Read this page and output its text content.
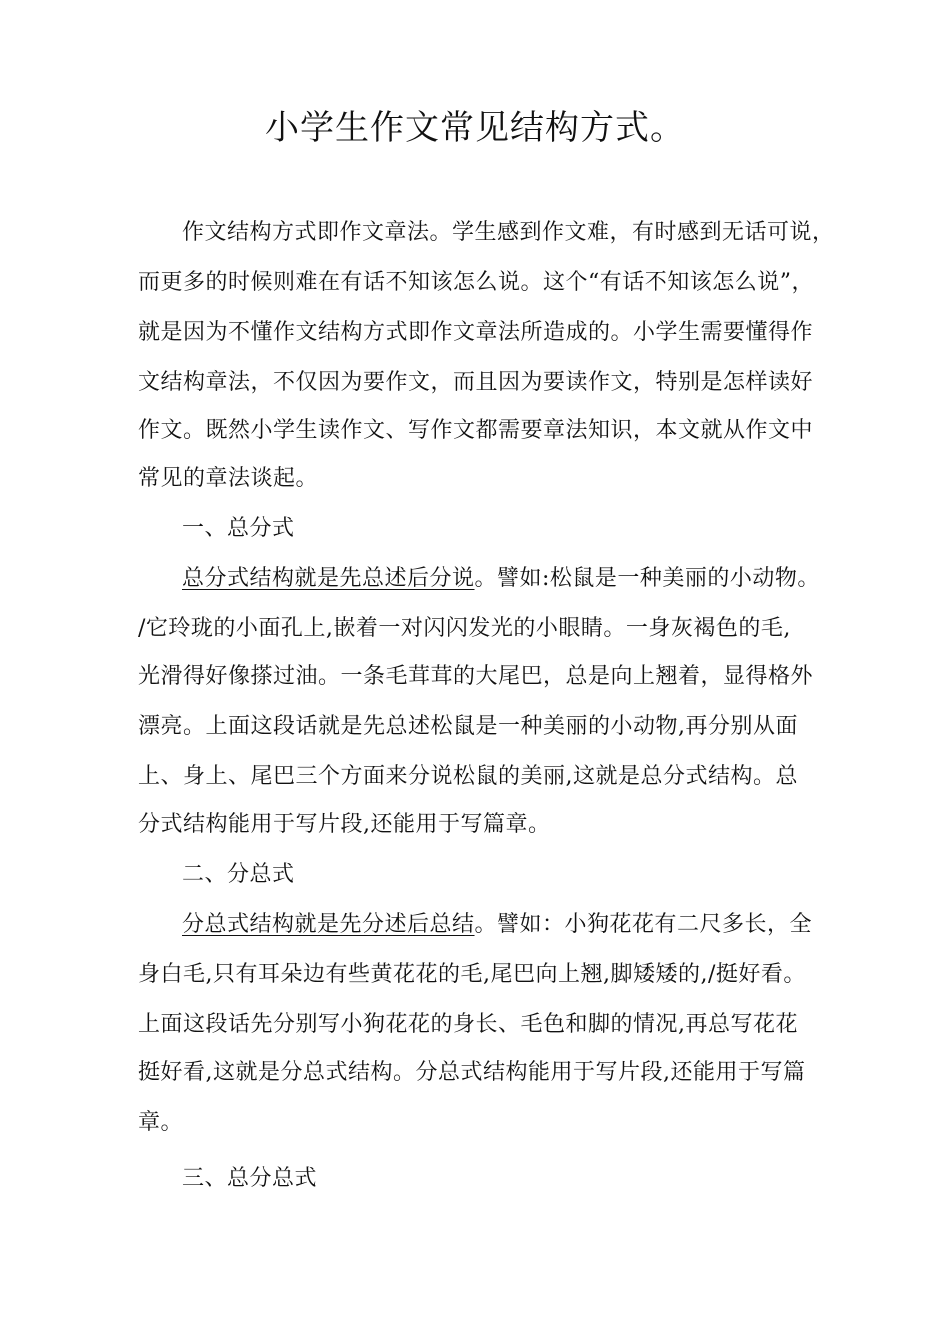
小学生作文常见结构方式。

作文结构方式即作文章法。学生感到作文难，有时感到无话可说，

而更多的时候则难在有话不知该怎么说。这个“有话不知该怎么说”，

就是因为不懂作文结构方式即作文章法所造成的。小学生需要懂得作

文结构章法，不仅因为要作文，而且因为要读作文，特别是怎样读好

作文。既然小学生读作文、写作文都需要章法知识，本文就从作文中

常见的章法谈起。

一、总分式

总分式结构就是先总述后分说。譬如:松鼠是一种美丽的小动物。

/它玲珑的小面孔上,嵌着一对闪闪发光的小眼睛。一身灰褐色的毛,

光滑得好像搽过油。一条毛茸茸的大尾巴，总是向上翘着，显得格外

漂亮。上面这段话就是先总述松鼠是一种美丽的小动物,再分别从面

上、身上、尾巴三个方面来分说松鼠的美丽,这就是总分式结构。总

分式结构能用于写片段,还能用于写篇章。

二、分总式

分总式结构就是先分述后总结。譬如：小狗花花有二尺多长，全

身白毛,只有耳朵边有些黄花花的毛,尾巴向上翘,脚矮矮的,/挺好看。

上面这段话先分别写小狗花花的身长、毛色和脚的情况,再总写花花

挺好看,这就是分总式结构。分总式结构能用于写片段,还能用于写篇

章。

三、总分总式
